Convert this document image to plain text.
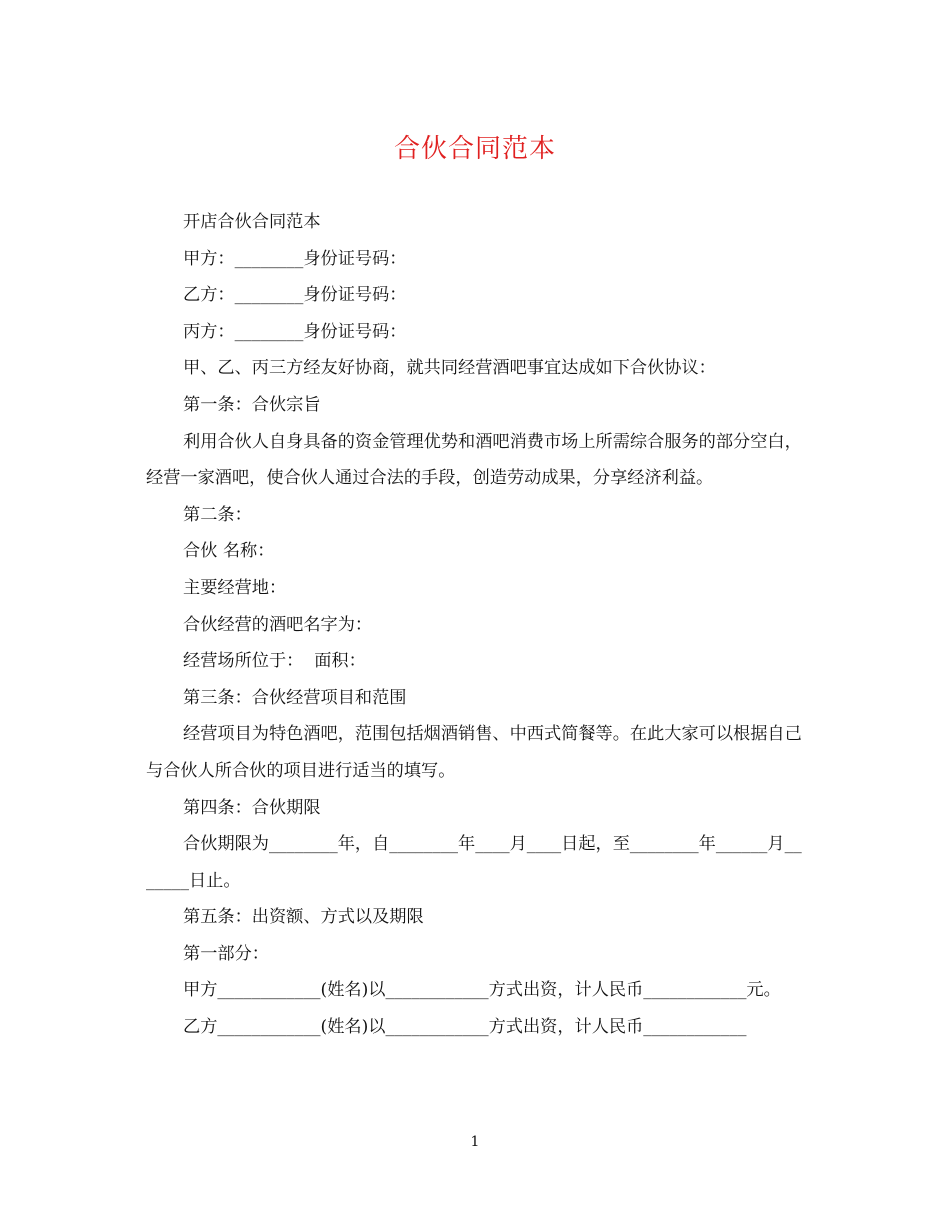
合伙合同范本

开店合伙合同范本

甲方：________身份证号码：

乙方：________身份证号码：

丙方：________身份证号码：

甲、乙、丙三方经友好协商，就共同经营酒吧事宜达成如下合伙协议：

第一条：合伙宗旨

利用合伙人自身具备的资金管理优势和酒吧消费市场上所需综合服务的部分空白，经营一家酒吧，使合伙人通过合法的手段，创造劳动成果，分享经济利益。

第二条：

合伙 名称：

主要经营地：

合伙经营的酒吧名字为：

经营场所位于：  面积：

第三条：合伙经营项目和范围

经营项目为特色酒吧，范围包括烟酒销售、中西式简餐等。在此大家可以根据自己与合伙人所合伙的项目进行适当的填写。

第四条：合伙期限

合伙期限为________年，自________年____月____日起，至________年______月_______日止。

第五条：出资额、方式以及期限

第一部分：

甲方____________(姓名)以____________方式出资，计人民币____________元。

乙方____________(姓名)以____________方式出资，计人民币____________

1
